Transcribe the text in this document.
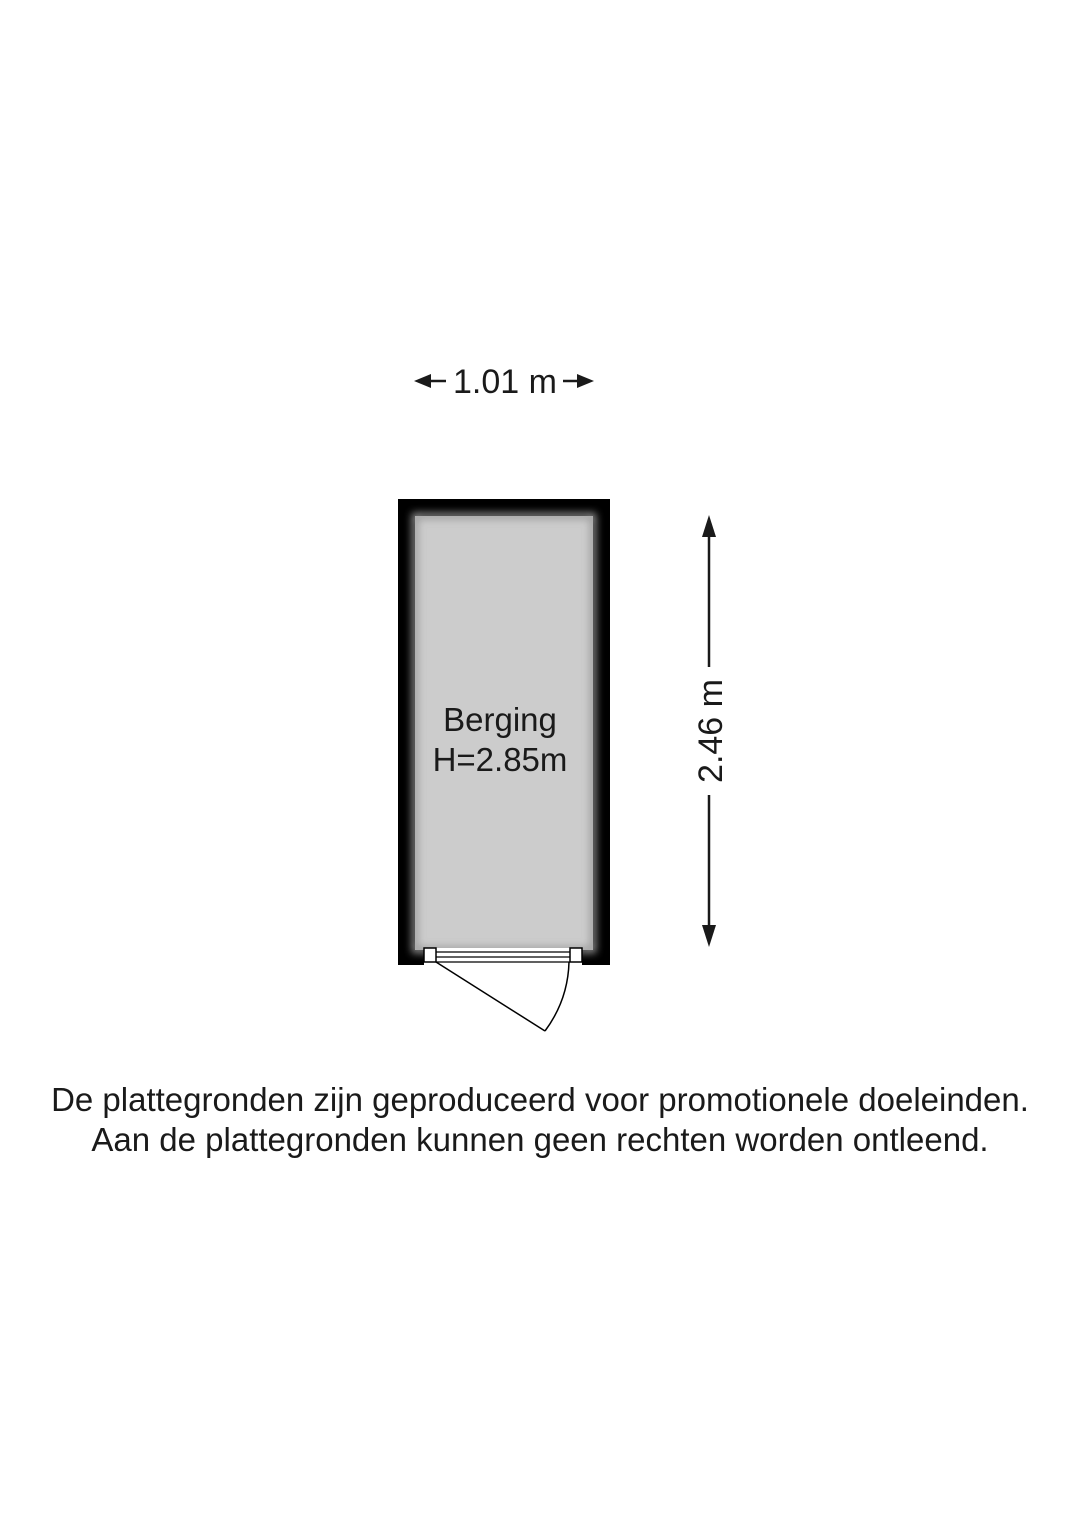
1.01 m
Berging
H=2.85m	2.46 m
De plattegronden zijn geproduceerd voor promotionele doeleinden.
Aan de plattegronden kunnen geen rechten worden ontleend.
